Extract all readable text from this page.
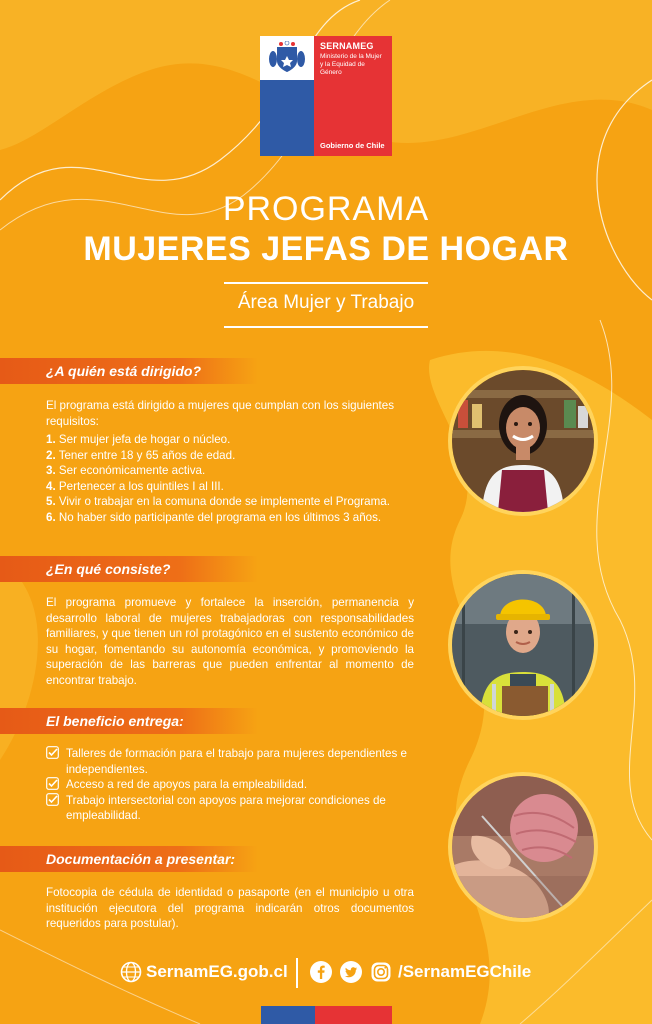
SERNAMEG
Ministerio de la Mujer y la Equidad de Género
Gobierno de Chile
PROGRAMA
MUJERES JEFAS DE HOGAR
Área Mujer y Trabajo
¿A quién está dirigido?

El programa está dirigido a mujeres que cumplan con los siguientes requisitos:

1. Ser mujer jefa de hogar o núcleo.

2. Tener entre 18 y 65 años de edad.

3. Ser económicamente activa.

4. Pertenecer a los quintiles I al III.

5. Vivir o trabajar en la comuna donde se implemente el Programa.

6. No haber sido participante del programa en los últimos 3 años.

¿En qué consiste?
El programa promueve y fortalece la inserción, permanencia y desarrollo laboral de mujeres trabajadoras con responsabilidades familiares, y que tienen un rol protagónico en el sustento económico de su hogar, fomentando su autonomía económica, y promoviendo la superación de las barreras que pueden enfrentar al momento de encontrar trabajo.
El beneficio entrega:
Talleres de formación para el trabajo para mujeres dependientes e independientes.
Acceso a red de apoyos para la empleabilidad.
Trabajo intersectorial con apoyos para mejorar condiciones de empleabilidad.
Documentación a presentar:
Fotocopia de cédula de identidad o pasaporte (en el municipio u otra institución ejecutora del programa indicarán otros documentos requeridos para postular).
SernamEG.gob.cl	/SernamEGChile
